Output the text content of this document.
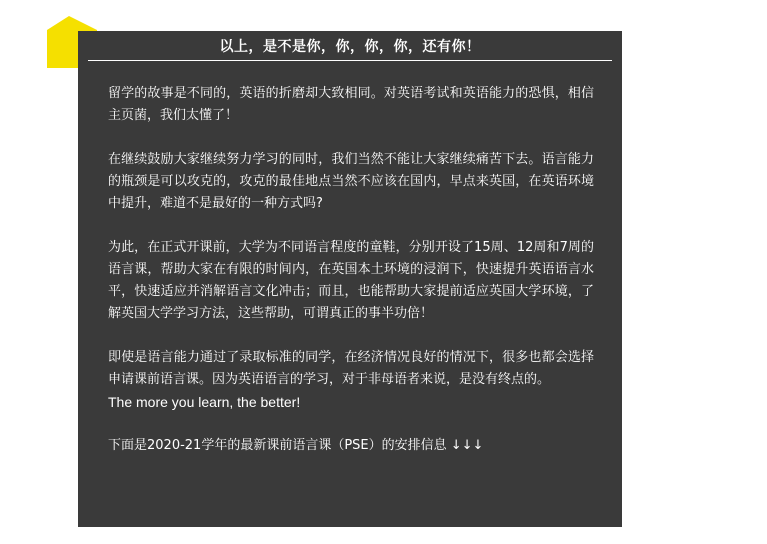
以上，是不是你，你，你，你，还有你！

留学的故事是不同的，英语的折磨却大致相同。对英语考试和英语能力的恐惧，相信主页菌，我们太懂了！

在继续鼓励大家继续努力学习的同时，我们当然不能让大家继续痛苦下去。语言能力的瓶颈是可以攻克的，攻克的最佳地点当然不应该在国内，早点来英国，在英语环境中提升，难道不是最好的一种方式吗?

为此，在正式开课前，大学为不同语言程度的童鞋，分别开设了15周、12周和7周的语言课，帮助大家在有限的时间内，在英国本土环境的浸润下，快速提升英语语言水平，快速适应并消解语言文化冲击；而且，也能帮助大家提前适应英国大学环境，了解英国大学学习方法，这些帮助，可谓真正的事半功倍！

即使是语言能力通过了录取标准的同学，在经济情况良好的情况下，很多也都会选择申请课前语言课。因为英语语言的学习，对于非母语者来说，是没有终点的。

The more you learn, the better!

下面是2020-21学年的最新课前语言课（PSE）的安排信息 ↓↓↓
